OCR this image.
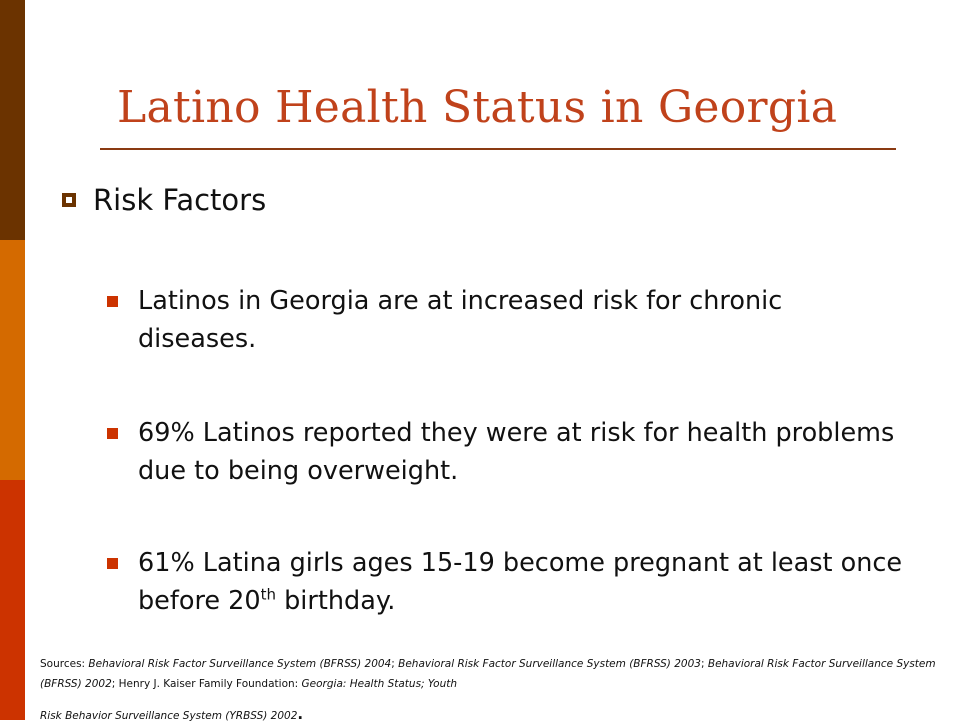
Latino Health Status in Georgia
Risk Factors
Latinos in Georgia are at increased risk for chronic diseases.
69% Latinos reported they were at risk for health problems due to being overweight.
61% Latina girls ages 15-19 become pregnant at least once before 20th birthday.
Sources: Behavioral Risk Factor Surveillance System (BFRSS) 2004; Behavioral Risk Factor Surveillance System (BFRSS) 2003; Behavioral Risk Factor Surveillance System (BFRSS) 2002; Henry J. Kaiser Family Foundation: Georgia: Health Status; Youth
Risk Behavior Surveillance System (YRBSS) 2002.
